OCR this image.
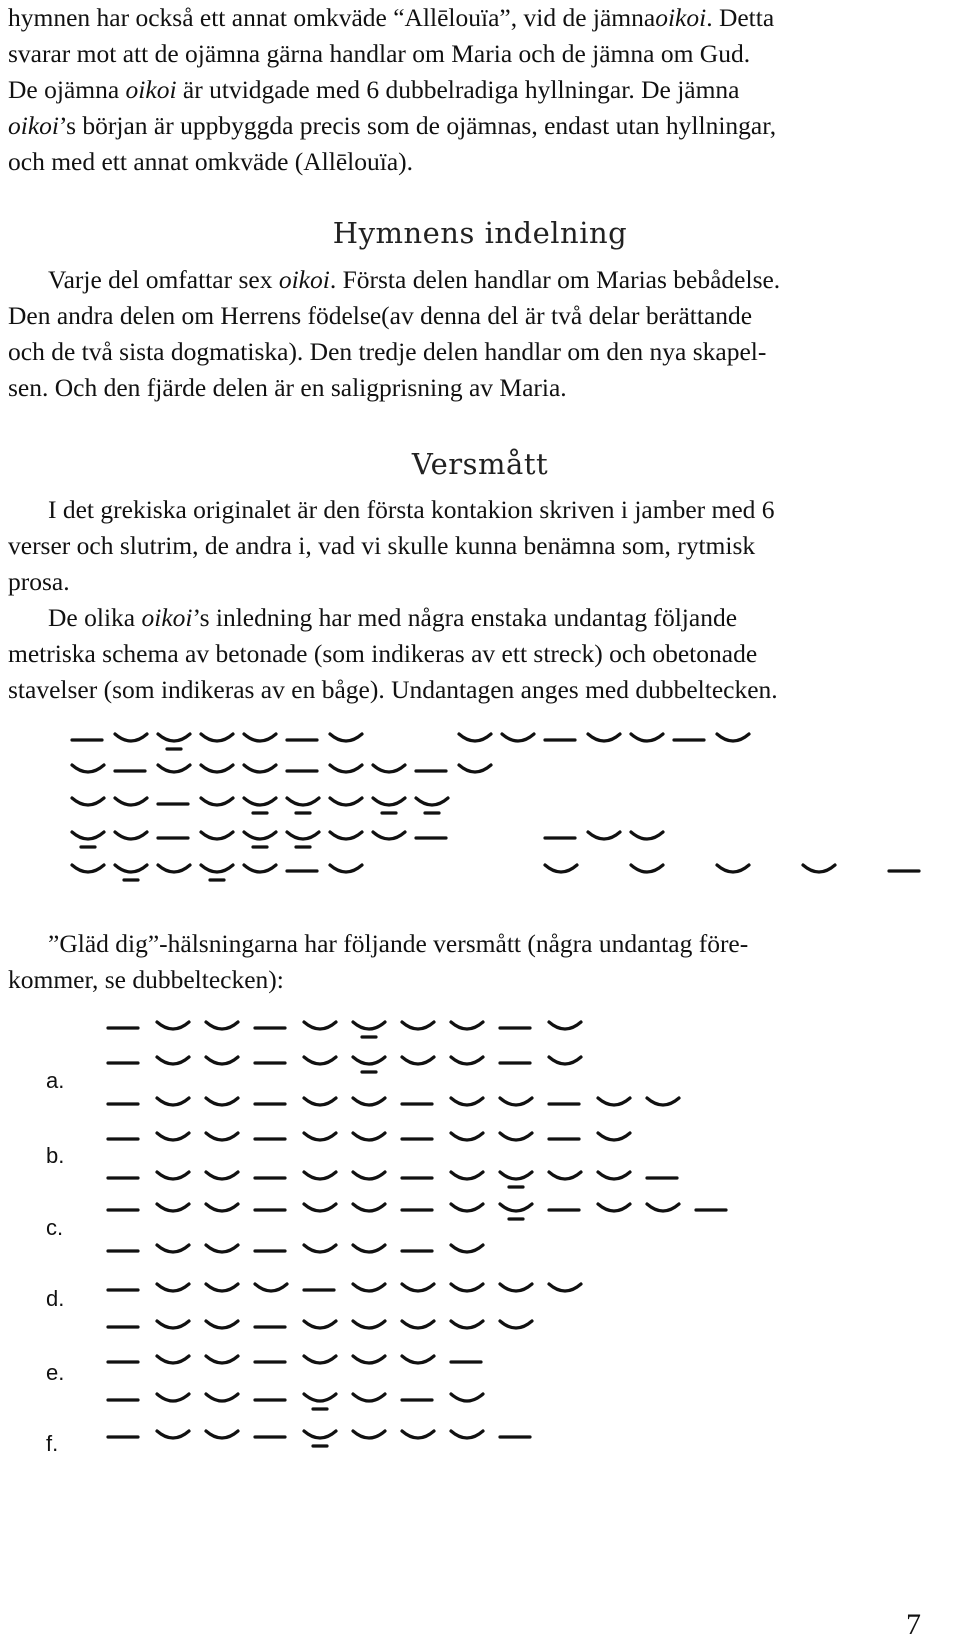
hymnen har också ett annat omkväde “Allēlouïa”, vid de jämnaoikoi. Detta
svarar mot att de ojämna gärna handlar om Maria och de jämna om Gud.
De ojämna oikoi är utvidgade med 6 dubbelradiga hyllningar. De jämna
oikoi’s början är uppbyggda precis som de ojämnas, endast utan hyllningar,
och med ett annat omkväde (Allēlouïa).
Hymnens indelning
Varje del omfattar sex oikoi. Första delen handlar om Marias bebådelse.
Den andra delen om Herrens födelse(av denna del är två delar berättande
och de två sista dogmatiska). Den tredje delen handlar om den nya skapel-
sen. Och den fjärde delen är en saligprisning av Maria.
Versmått
I det grekiska originalet är den första kontakion skriven i jamber med 6
verser och slutrim, de andra i, vad vi skulle kunna benämna som, rytmisk
prosa.
De olika oikoi’s inledning har med några enstaka undantag följande
metriska schema av betonade (som indikeras av ett streck) och obetonade
stavelser (som indikeras av en båge). Undantagen anges med dubbeltecken.
”Gläd dig”-hälsningarna har följande versmått (några undantag före-
kommer, se dubbeltecken):
a.
b.
c.
d.
e.
f.
7
